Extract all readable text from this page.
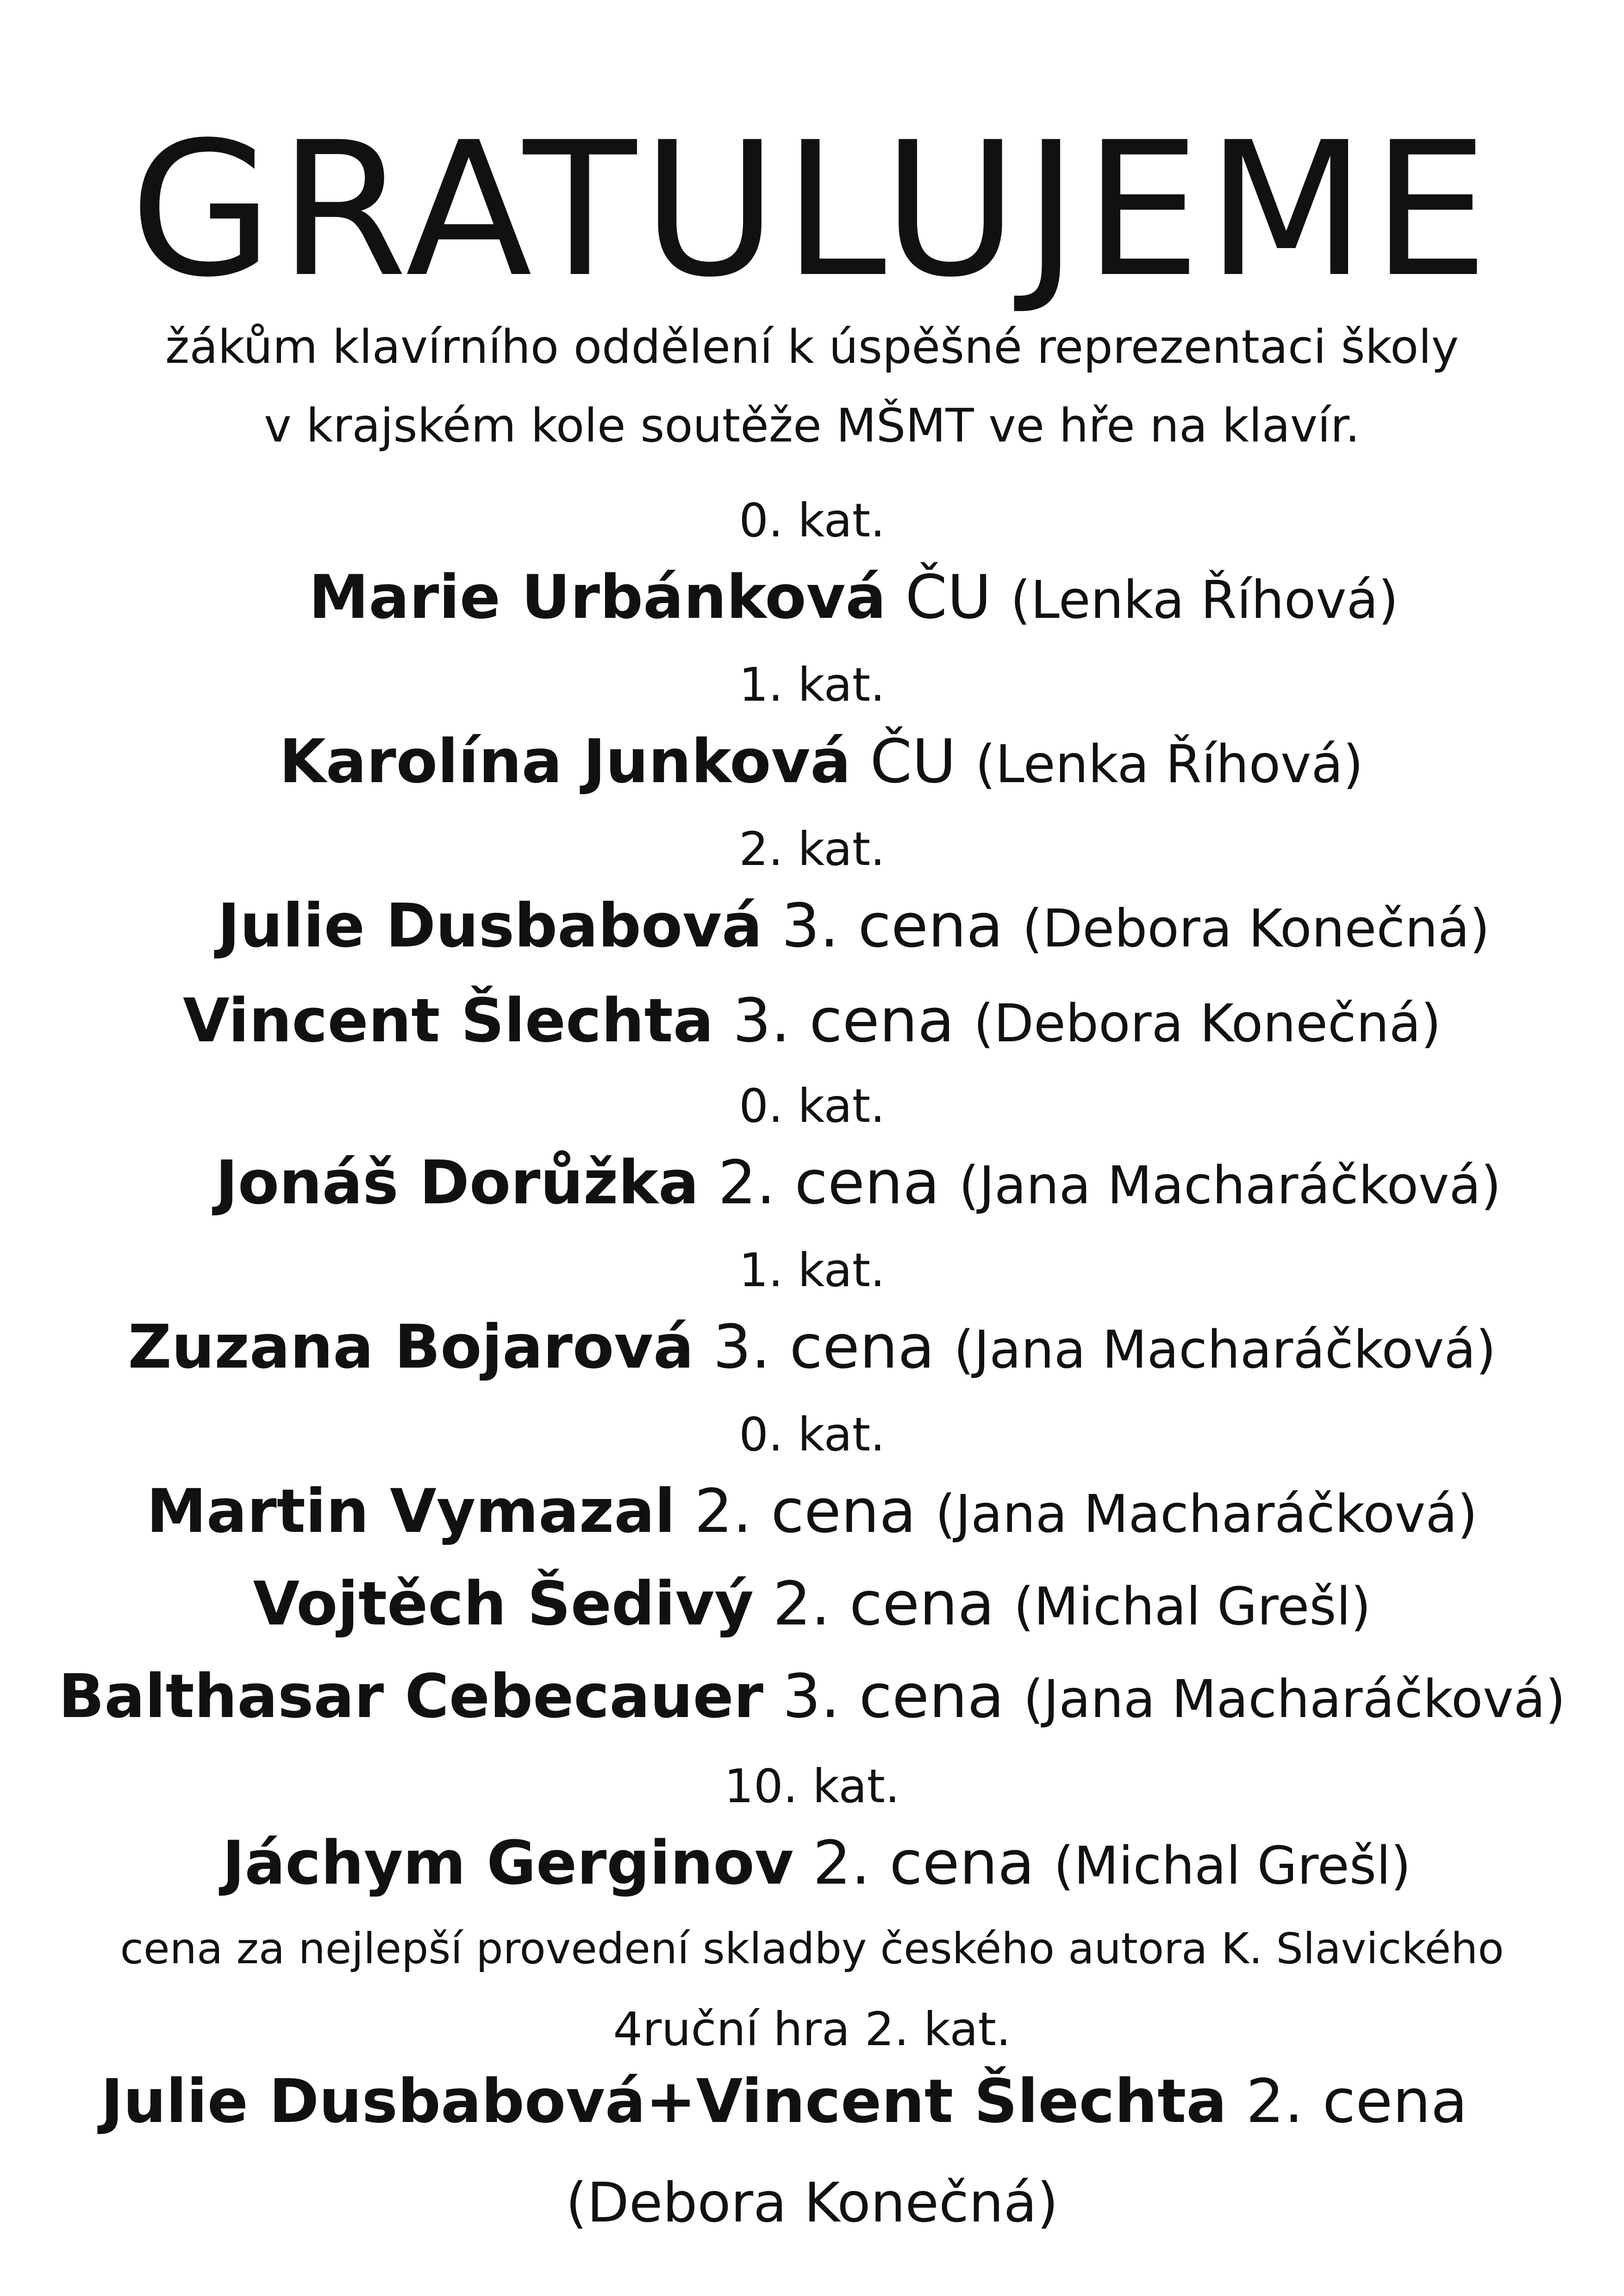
GRATULUJEME
žákům klavírního oddělení k úspěšné reprezentaci školy
v krajském kole soutěže MŠMT ve hře na klavír.
0. kat.
Marie Urbánková ČU (Lenka Říhová)
1. kat.
Karolína Junková ČU (Lenka Říhová)
2. kat.
Julie Dusbabová 3. cena (Debora Konečná)
Vincent Šlechta 3. cena (Debora Konečná)
0. kat.
Jonáš Dorůžka 2. cena (Jana Macharáčková)
1. kat.
Zuzana Bojarová 3. cena (Jana Macharáčková)
0. kat.
Martin Vymazal 2. cena (Jana Macharáčková)
Vojtěch Šedivý 2. cena (Michal Grešl)
Balthasar Cebecauer 3. cena (Jana Macharáčková)
10. kat.
Jáchym Gerginov 2. cena (Michal Grešl)
cena za nejlepší provedení skladby českého autora K. Slavického
4ruční hra 2. kat.
Julie Dusbabová+Vincent Šlechta 2. cena
(Debora Konečná)
